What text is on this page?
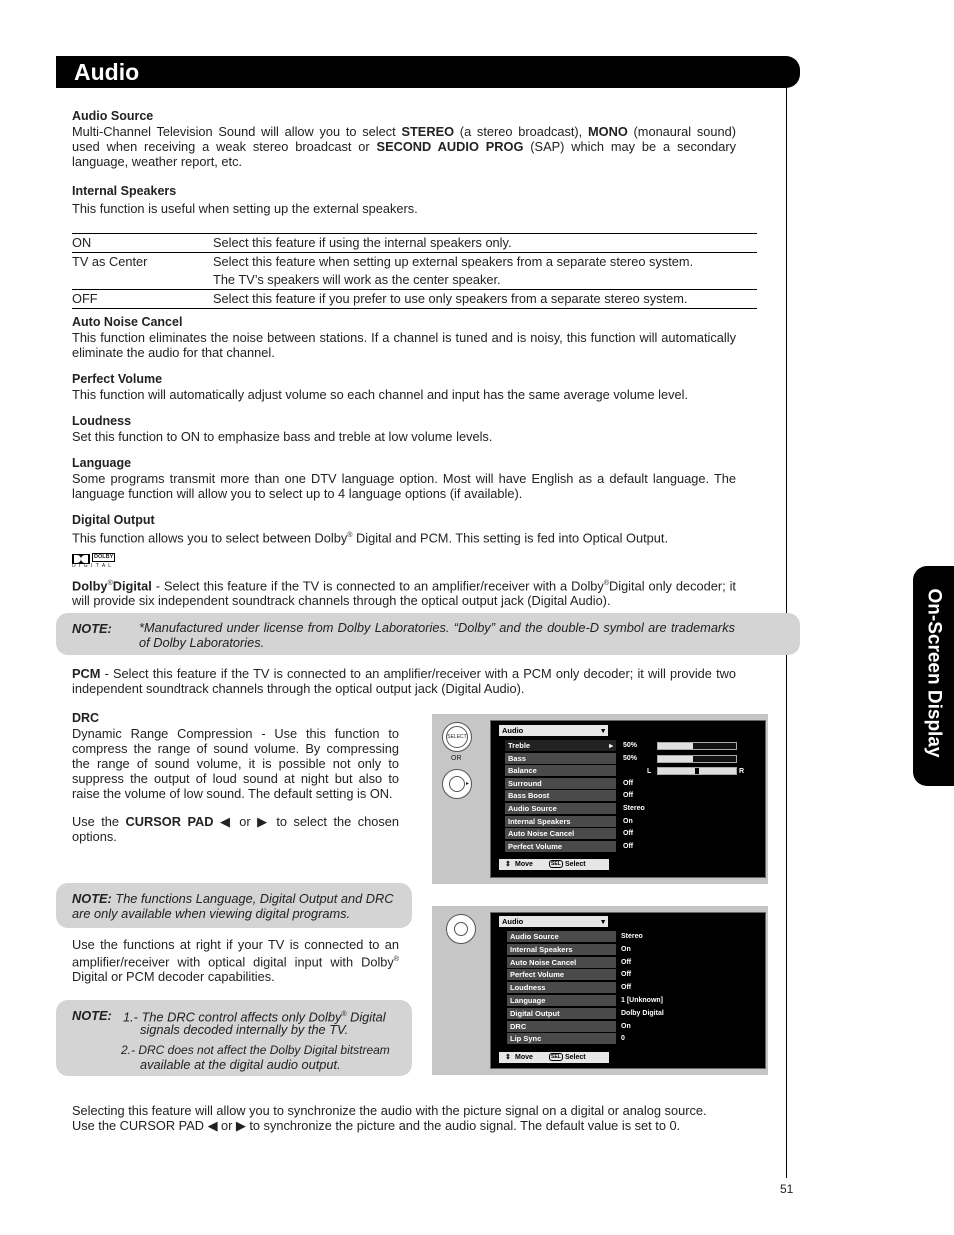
Audio
On-Screen Display
Audio Source
Multi-Channel Television Sound will allow you to select STEREO (a stereo broadcast), MONO (monaural sound) used when receiving a weak stereo broadcast or SECOND AUDIO PROG (SAP) which may be a secondary language, weather report, etc.
Internal Speakers
This function is useful when setting up the external speakers.
ON	Select this feature if using the internal speakers only.
TV as Center	Select this feature when setting up external speakers from a separate stereo system.
	The TV’s speakers will work as the center speaker.
OFF	Select this feature if you prefer to use only speakers from a separate stereo system.
Auto Noise Cancel
This function eliminates the noise between stations. If a channel is tuned and is noisy, this function will automatically eliminate the audio for that channel.
Perfect Volume
This function will automatically adjust volume so each channel and input has the same average volume level.
Loudness
Set this function to ON to emphasize bass and treble at low volume levels.
Language
Some programs transmit more than one DTV language option. Most will have English as a default language. The language function will allow you to select up to 4 language options (if available).
Digital Output
This function allows you to select between Dolby® Digital and PCM. This setting is fed into Optical Output.
DOLBY
D I G I T A L
Dolby®Digital - Select this feature if the TV is connected to an amplifier/receiver with a Dolby®Digital only decoder; it will provide six independent soundtrack channels through the optical output jack (Digital Audio).
NOTE: *Manufactured under license from Dolby Laboratories. “Dolby” and the double-D symbol are trademarks of Dolby Laboratories.
PCM - Select this feature if the TV is connected to an amplifier/receiver with a PCM only decoder; it will provide two independent soundtrack channels through the optical output jack (Digital Audio).
DRC
Dynamic Range Compression - Use this function to compress the range of sound volume. By compressing the range of sound volume, it is possible not only to suppress the output of loud sound at night but also to raise the volume of low sound. The default setting is ON.
Use the CURSOR PAD ◀ or ▶ to select the chosen options.
NOTE: The functions Language, Digital Output and DRC are only available when viewing digital programs.
Use the functions at right if your TV is connected to an amplifier/receiver with optical digital input with Dolby® Digital or PCM decoder capabilities.
NOTE: 1.- The DRC control affects only Dolby® Digital
signals decoded internally by the TV.
2.- DRC does not affect the Dolby Digital bitstream
available at the digital audio output.
Selecting this feature will allow you to synchronize the audio with the picture signal on a digital or analog source.
Use the CURSOR PAD ◀ or ▶ to synchronize the picture and the audio signal. The default value is set to 0.
51
SELECT
OR
▸
Audio	▾
Treble	▸ 50%
Bass	50%
Balance
Surround	Off
Bass Boost	Off
Audio Source	Stereo
Internal Speakers	On
Auto Noise Cancel	Off
Perfect Volume	Off
L	R
⇕ Move	SEL Select
Audio	▾
Audio Source	Stereo
Internal Speakers	On
Auto Noise Cancel	Off
Perfect Volume	Off
Loudness	Off
Language	1 [Unknown]
Digital Output	Dolby Digital
DRC	On
Lip Sync	0
⇕ Move	SEL Select
